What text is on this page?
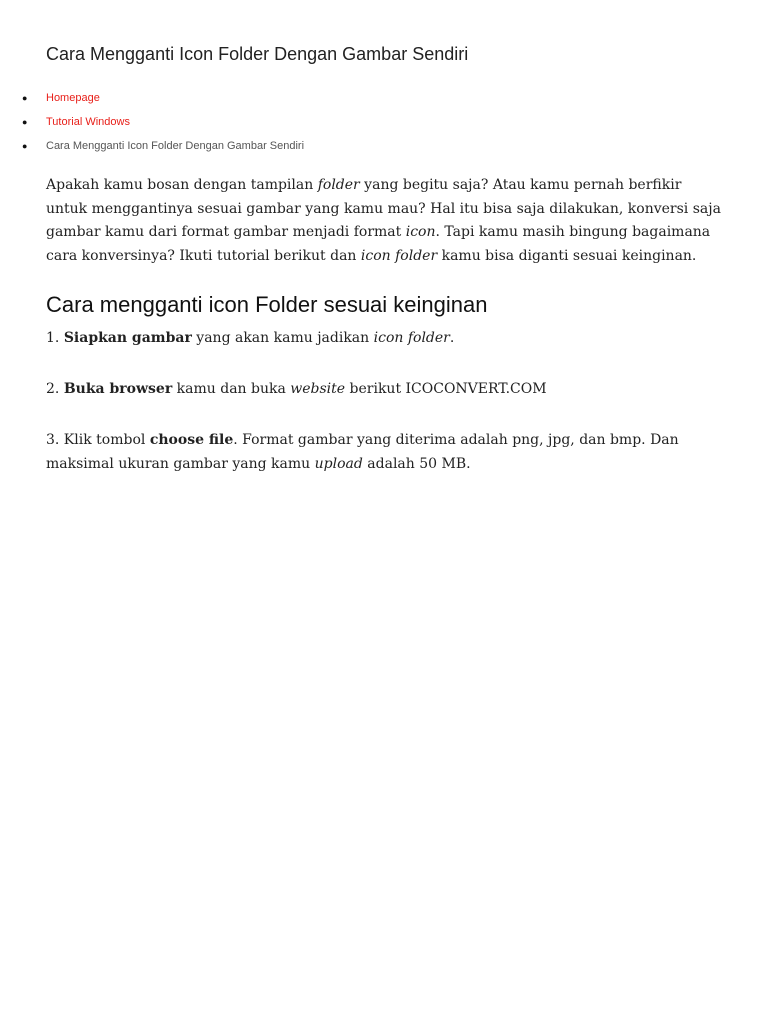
Cara Mengganti Icon Folder Dengan Gambar Sendiri
● Homepage
● Tutorial Windows
● Cara Mengganti Icon Folder Dengan Gambar Sendiri

Apakah kamu bosan dengan tampilan folder yang begitu saja? Atau kamu pernah berfikir untuk menggantinya sesuai gambar yang kamu mau? Hal itu bisa saja dilakukan, konversi saja gambar kamu dari format gambar menjadi format icon. Tapi kamu masih bingung bagaimana cara konversinya? Ikuti tutorial berikut dan icon folder kamu bisa diganti sesuai keinginan.

Cara mengganti icon Folder sesuai keinginan

1. Siapkan gambar yang akan kamu jadikan icon folder.

2. Buka browser kamu dan buka website berikut ICOCONVERT.COM

3. Klik tombol choose file. Format gambar yang diterima adalah png, jpg, dan bmp. Dan maksimal ukuran gambar yang kamu upload adalah 50 MB.
